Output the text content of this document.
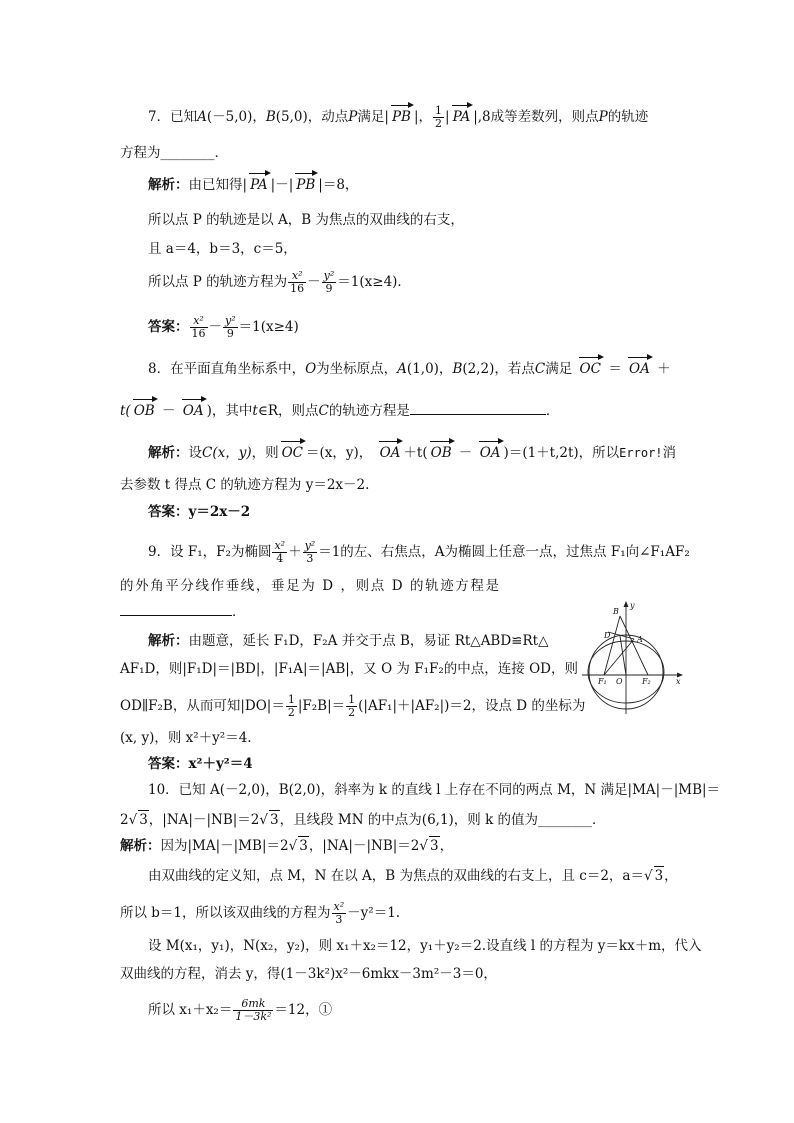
7．已知A(－5,0)，B(5,0)，动点P满足| PB |， $\frac{1}{2}$ | PA |,8成等差数列，则点P的轨迹
方程为________．
解析：由已知得| PA |－| PB |＝8，
所以点 P 的轨迹是以 A，B 为焦点的双曲线的右支，
且 a＝4，b＝3，c＝5，
所以点 P 的轨迹方程为 $\frac{\text{x²}}{16} - \frac{\text{y²}}{9} =1(x\ge 4)$．
答案： $\frac{\text{x²}}{16} - \frac{\text{y²}}{9} =1(x\ge 4)$
8．在平面直角坐标系中，O为坐标原点，A(1,0)，B(2,2)，若点C满足 OC ＝ OA ＋
t( OB － OA )，其中t∈R，则点C的轨迹方程是	．
解析：设C(x，y)，则 OC ＝(x，y)， OA ＋t( OB － OA )＝(1＋t,2t)，所以Error!消
去参数 t 得点 C 的轨迹方程为 y＝2x－2.
答案：y＝2x－2
9．设 F₁，F₂为椭圆 $\frac{\text{x²}}{4} + \frac{\text{y²}}{3} =1$的左、右焦点，A为椭圆上任意一点，过焦点 F₁向∠F₁AF₂
的外角平分线作垂线，垂足为 D ，则点 D 的轨迹方程是
．
解析：由题意，延长 F₁D，F₂A 并交于点 B，易证 Rt△ABD≌Rt△
AF₁D，则|F₁D|＝|BD|，|F₁A|＝|AB|，又 O 为 F₁F₂的中点，连接 OD，则
OD∥F₂B，从而可知$|DO|= \frac{1}{2} |F_2B|= \frac{1}{2} (|AF_1|+|AF_2|)=2$，设点 D 的坐标为
(x, y)，则 x²＋y²＝4.
答案：x²＋y²＝4
y
x
B
D	A
F₁ O F₂
10．已知 A(－2,0)，B(2,0)，斜率为 k 的直线 l 上存在不同的两点 M，N 满足|MA|－|MB|＝
2√ 3，|NA|－|NB|＝2√ 3，且线段 MN 的中点为(6,1)，则 k 的值为________．
解析：因为|MA|－|MB|＝2√ 3，|NA|－|NB|＝2√ 3，
由双曲线的定义知，点 M，N 在以 A，B 为焦点的双曲线的右支上，且 c＝2，a＝√ 3，
所以 b＝1，所以该双曲线的方程为 $\frac{\text{x²}}{3} -y^2=1$.
设 M(x₁，y₁)，N(x₂，y₂)，则 x₁＋x₂＝12，y₁＋y₂＝2.设直线 l 的方程为 y＝kx＋m，代入
双曲线的方程，消去 y，得(1－3k²)x²－6mkx－3m²－3＝0，
所以 $x_1+x_2= \frac{6mk}{\text{1－3k²}} =12$，①
